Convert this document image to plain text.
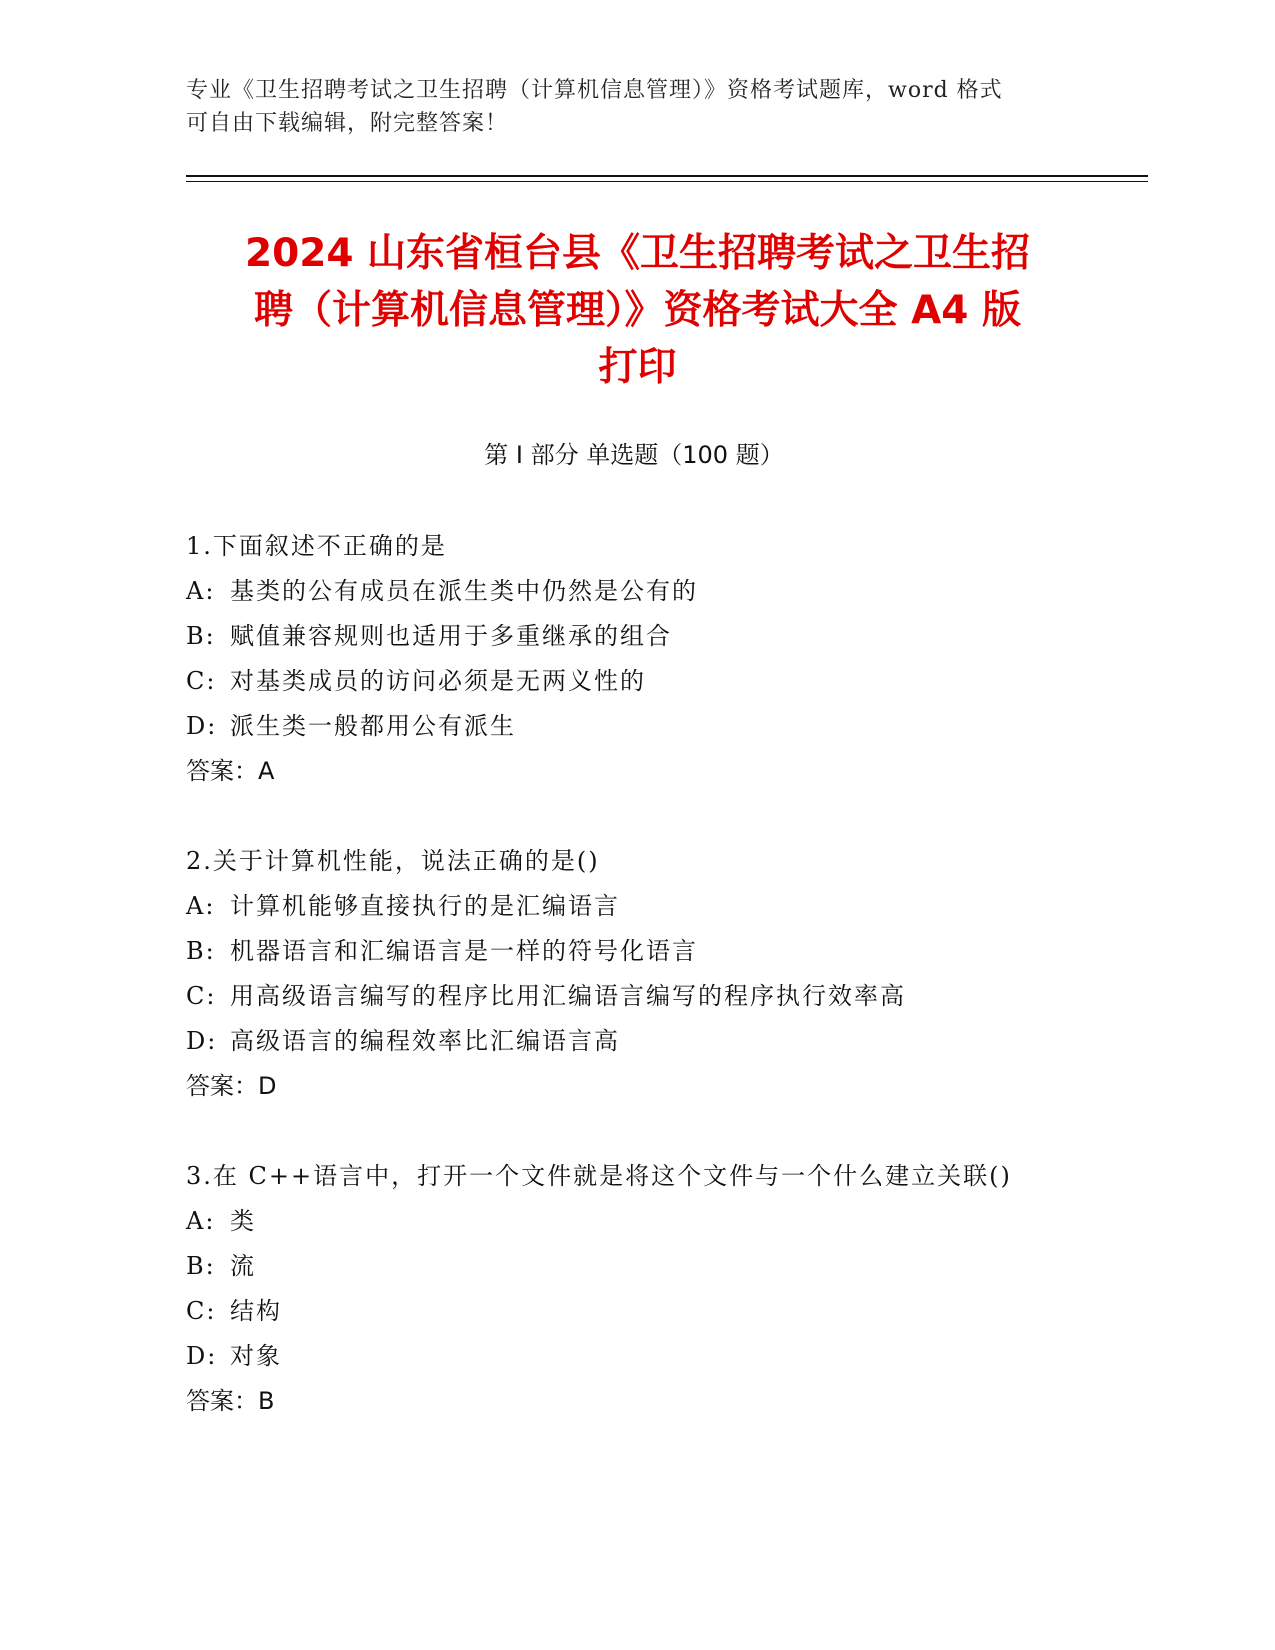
专业《卫生招聘考试之卫生招聘（计算机信息管理）》资格考试题库，word 格式
可自由下载编辑，附完整答案！
2024 山东省桓台县《卫生招聘考试之卫生招
聘（计算机信息管理）》资格考试大全 A4 版
打印
第 I 部分 单选题（100 题）
1.下面叙述不正确的是
A: 基类的公有成员在派生类中仍然是公有的
B: 赋值兼容规则也适用于多重继承的组合
C: 对基类成员的访问必须是无两义性的
D: 派生类一般都用公有派生
答案：A
2.关于计算机性能，说法正确的是()
A: 计算机能够直接执行的是汇编语言
B: 机器语言和汇编语言是一样的符号化语言
C: 用高级语言编写的程序比用汇编语言编写的程序执行效率高
D: 高级语言的编程效率比汇编语言高
答案：D
3.在 C++语言中，打开一个文件就是将这个文件与一个什么建立关联()
A: 类
B: 流
C: 结构
D: 对象
答案：B
